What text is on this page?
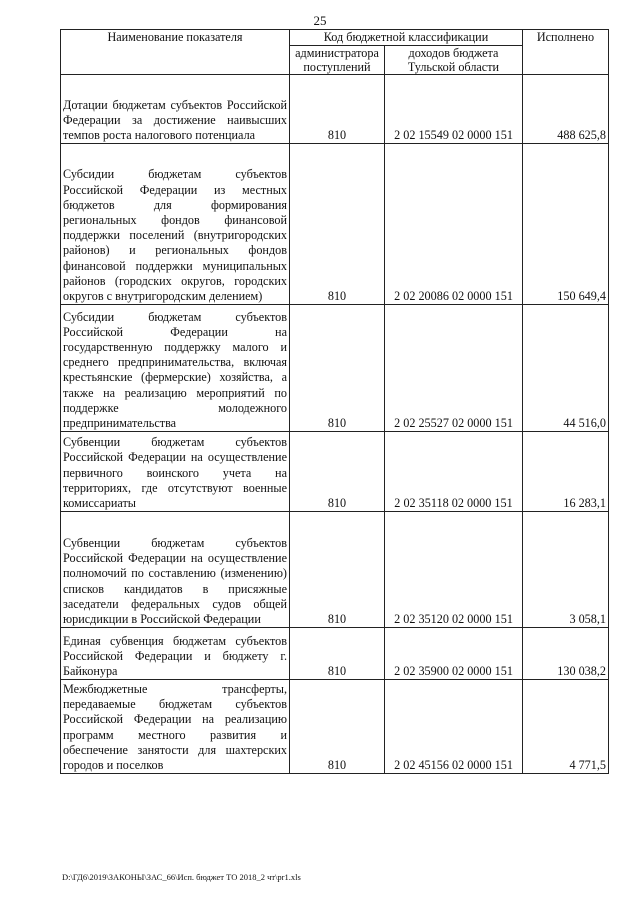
25
Наименование показателя	Код бюджетной классификации		Исполнено
	администратора поступлений	доходов бюджета Тульской области	
Дотации бюджетам субъектов Российской Федерации за достижение наивысших темпов роста налогового потенциала	810	2 02 15549 02 0000 151	488 625,8
Субсидии бюджетам субъектов Российской Федерации из местных бюджетов для формирования региональных фондов финансовой поддержки поселений (внутригородских районов) и региональных фондов финансовой поддержки муниципальных районов (городских округов, городских округов с внутригородским делением)	810	2 02 20086 02 0000 151	150 649,4
Субсидии бюджетам субъектов Российской Федерации на государственную поддержку малого и среднего предпринимательства, включая крестьянские (фермерские) хозяйства, а также на реализацию мероприятий по поддержке молодежного предпринимательства	810	2 02 25527 02 0000 151	44 516,0
Субвенции бюджетам субъектов Российской Федерации на осуществление первичного воинского учета на территориях, где отсутствуют военные комиссариаты	810	2 02 35118 02 0000 151	16 283,1
Субвенции бюджетам субъектов Российской Федерации на осуществление полномочий по составлению (изменению) списков кандидатов в присяжные заседатели федеральных судов общей юрисдикции в Российской Федерации	810	2 02 35120 02 0000 151	3 058,1
Единая субвенция бюджетам субъектов Российской Федерации и бюджету г. Байконура	810	2 02 35900 02 0000 151	130 038,2
Межбюджетные трансферты, передаваемые бюджетам субъектов Российской Федерации на реализацию программ местного развития и обеспечение занятости для шахтерских городов и поселков	810	2 02 45156 02 0000 151	4 771,5
D:\ГД6\2019\ЗАКОНЫ\ЗАС_66\Исп. бюджет ТО 2018_2 чт\pr1.xls
